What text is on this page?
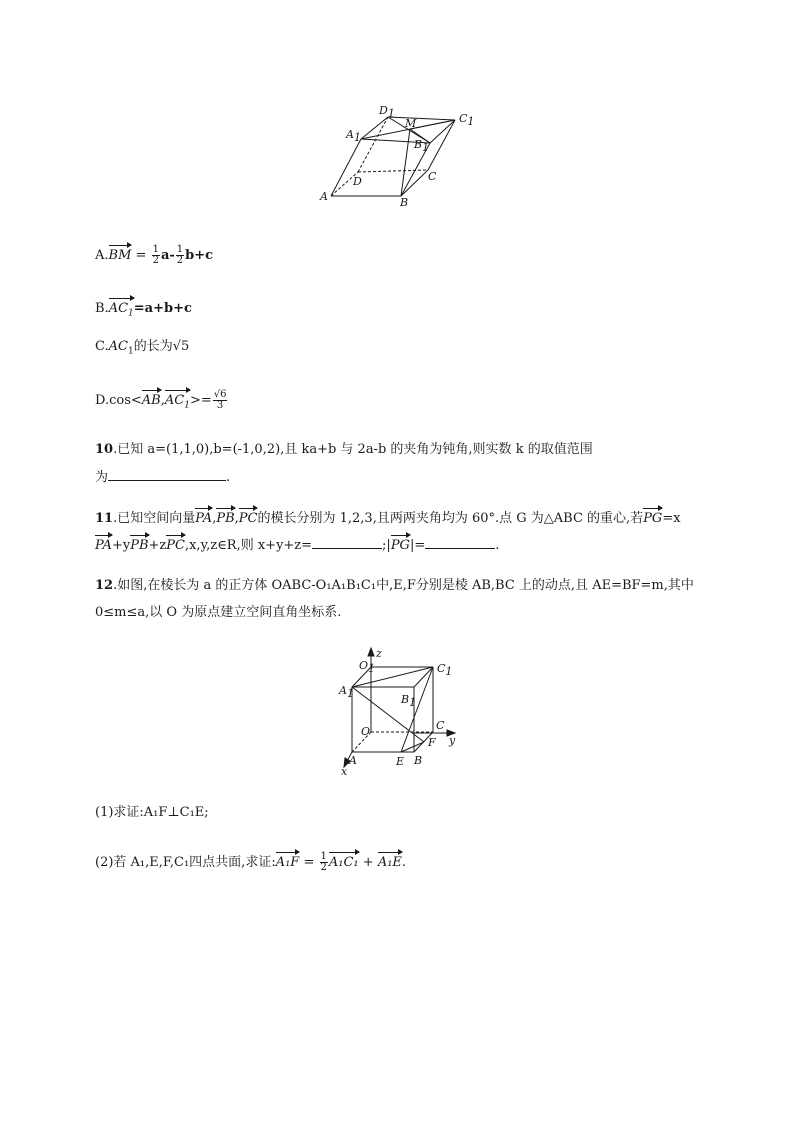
D1	C1
A1
M
B1
D	C
A	B
$A.BM = \frac{1}{2} a- \frac{1}{2} b+c$
$B.AC_1=a+b+c$
$C.AC_1$的长为√5
$D.\cos<AB,AC_1>= \frac{√6}{3}$
10.已知 a=(1,1,0),b=(-1,0,2),且 ka+b 与 2a-b 的夹角为钝角,则实数 k 的取值范围
为	.
11.已知空间向量PA,PB,PC的模长分别为 1,2,3,且两两夹角均为 60°.点 G 为△ABC 的重心,若PG=x
PA+yPB+zPC,x,y,z∈R,则 x+y+z=	;|PG|=	.
12.如图,在棱长为 a 的正方体 OABC-O₁A₁B₁C₁中,E,F分别是棱 AB,BC 上的动点,且 AE=BF=m,其中
0≤m≤a,以 O 为原点建立空间直角坐标系.
z
y
x
O1	C1
A1	B1
C
O
F
A	E B
(1)求证:A₁F⊥C₁E;
(2)若 A₁,E,F,C₁四点共面,求证:A₁F = $\frac{1}{2} A_1C_1 + A_1E$.
